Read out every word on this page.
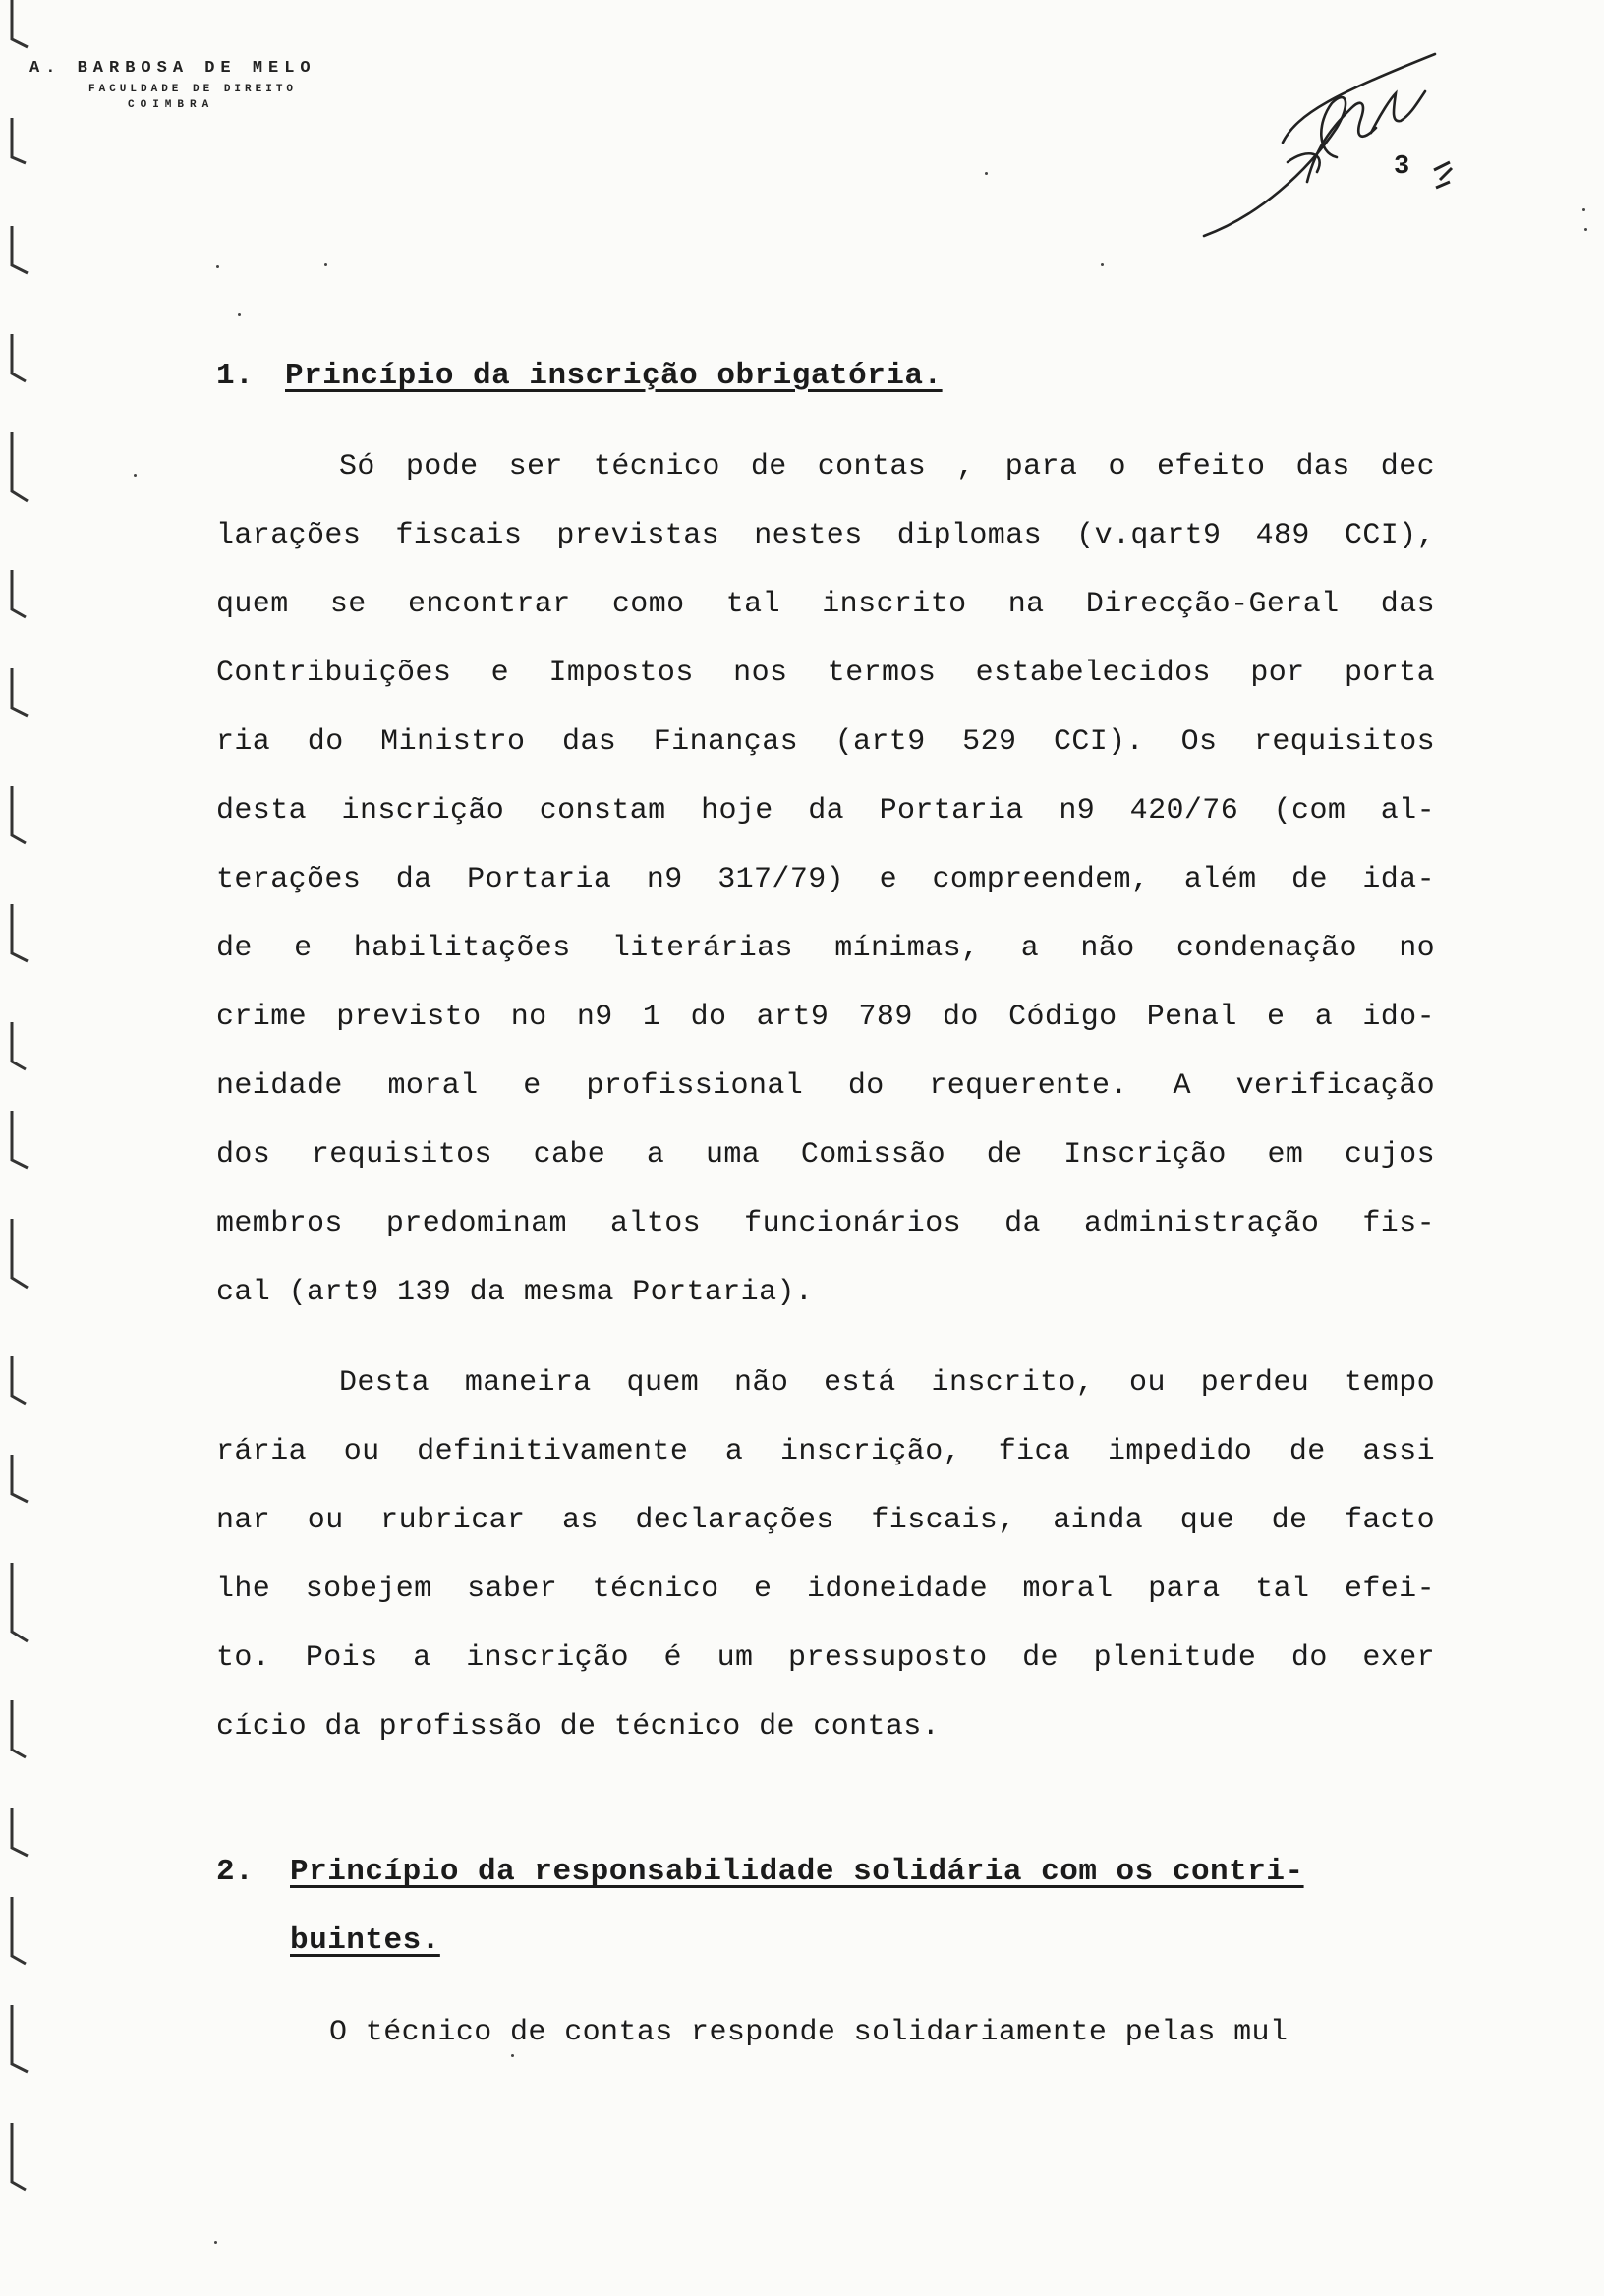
A. BARBOSA DE MELO
FACULDADE DE DIREITO
COIMBRA
3
1. Princípio da inscrição obrigatória.
Só pode ser técnico de contas , para o efeito das dec
larações fiscais previstas nestes diplomas (v.qart9 489 CCI),
quem se encontrar como tal inscrito na Direcção-Geral das
Contribuições e Impostos nos termos estabelecidos por porta
ria do Ministro das Finanças (art9 529 CCI). Os requisitos
desta inscrição constam hoje da Portaria n9 420/76 (com al-
terações da Portaria n9 317/79) e compreendem, além de ida-
de e habilitações literárias mínimas, a não condenação no
crime previsto no n9 1 do art9 789 do Código Penal e a ido-
neidade moral e profissional do requerente. A verificação
dos requisitos cabe a uma Comissão de Inscrição em cujos
membros predominam altos funcionários da administração fis-
cal (art9 139 da mesma Portaria).
Desta maneira quem não está inscrito, ou perdeu tempo
rária ou definitivamente a inscrição, fica impedido de assi
nar ou rubricar as declarações fiscais, ainda que de facto
lhe sobejem saber técnico e idoneidade moral para tal efei-
to. Pois a inscrição é um pressuposto de plenitude do exer
cício da profissão de técnico de contas.
2. Princípio da responsabilidade solidária com os contri-
buintes.
O técnico de contas responde solidariamente pelas mul
